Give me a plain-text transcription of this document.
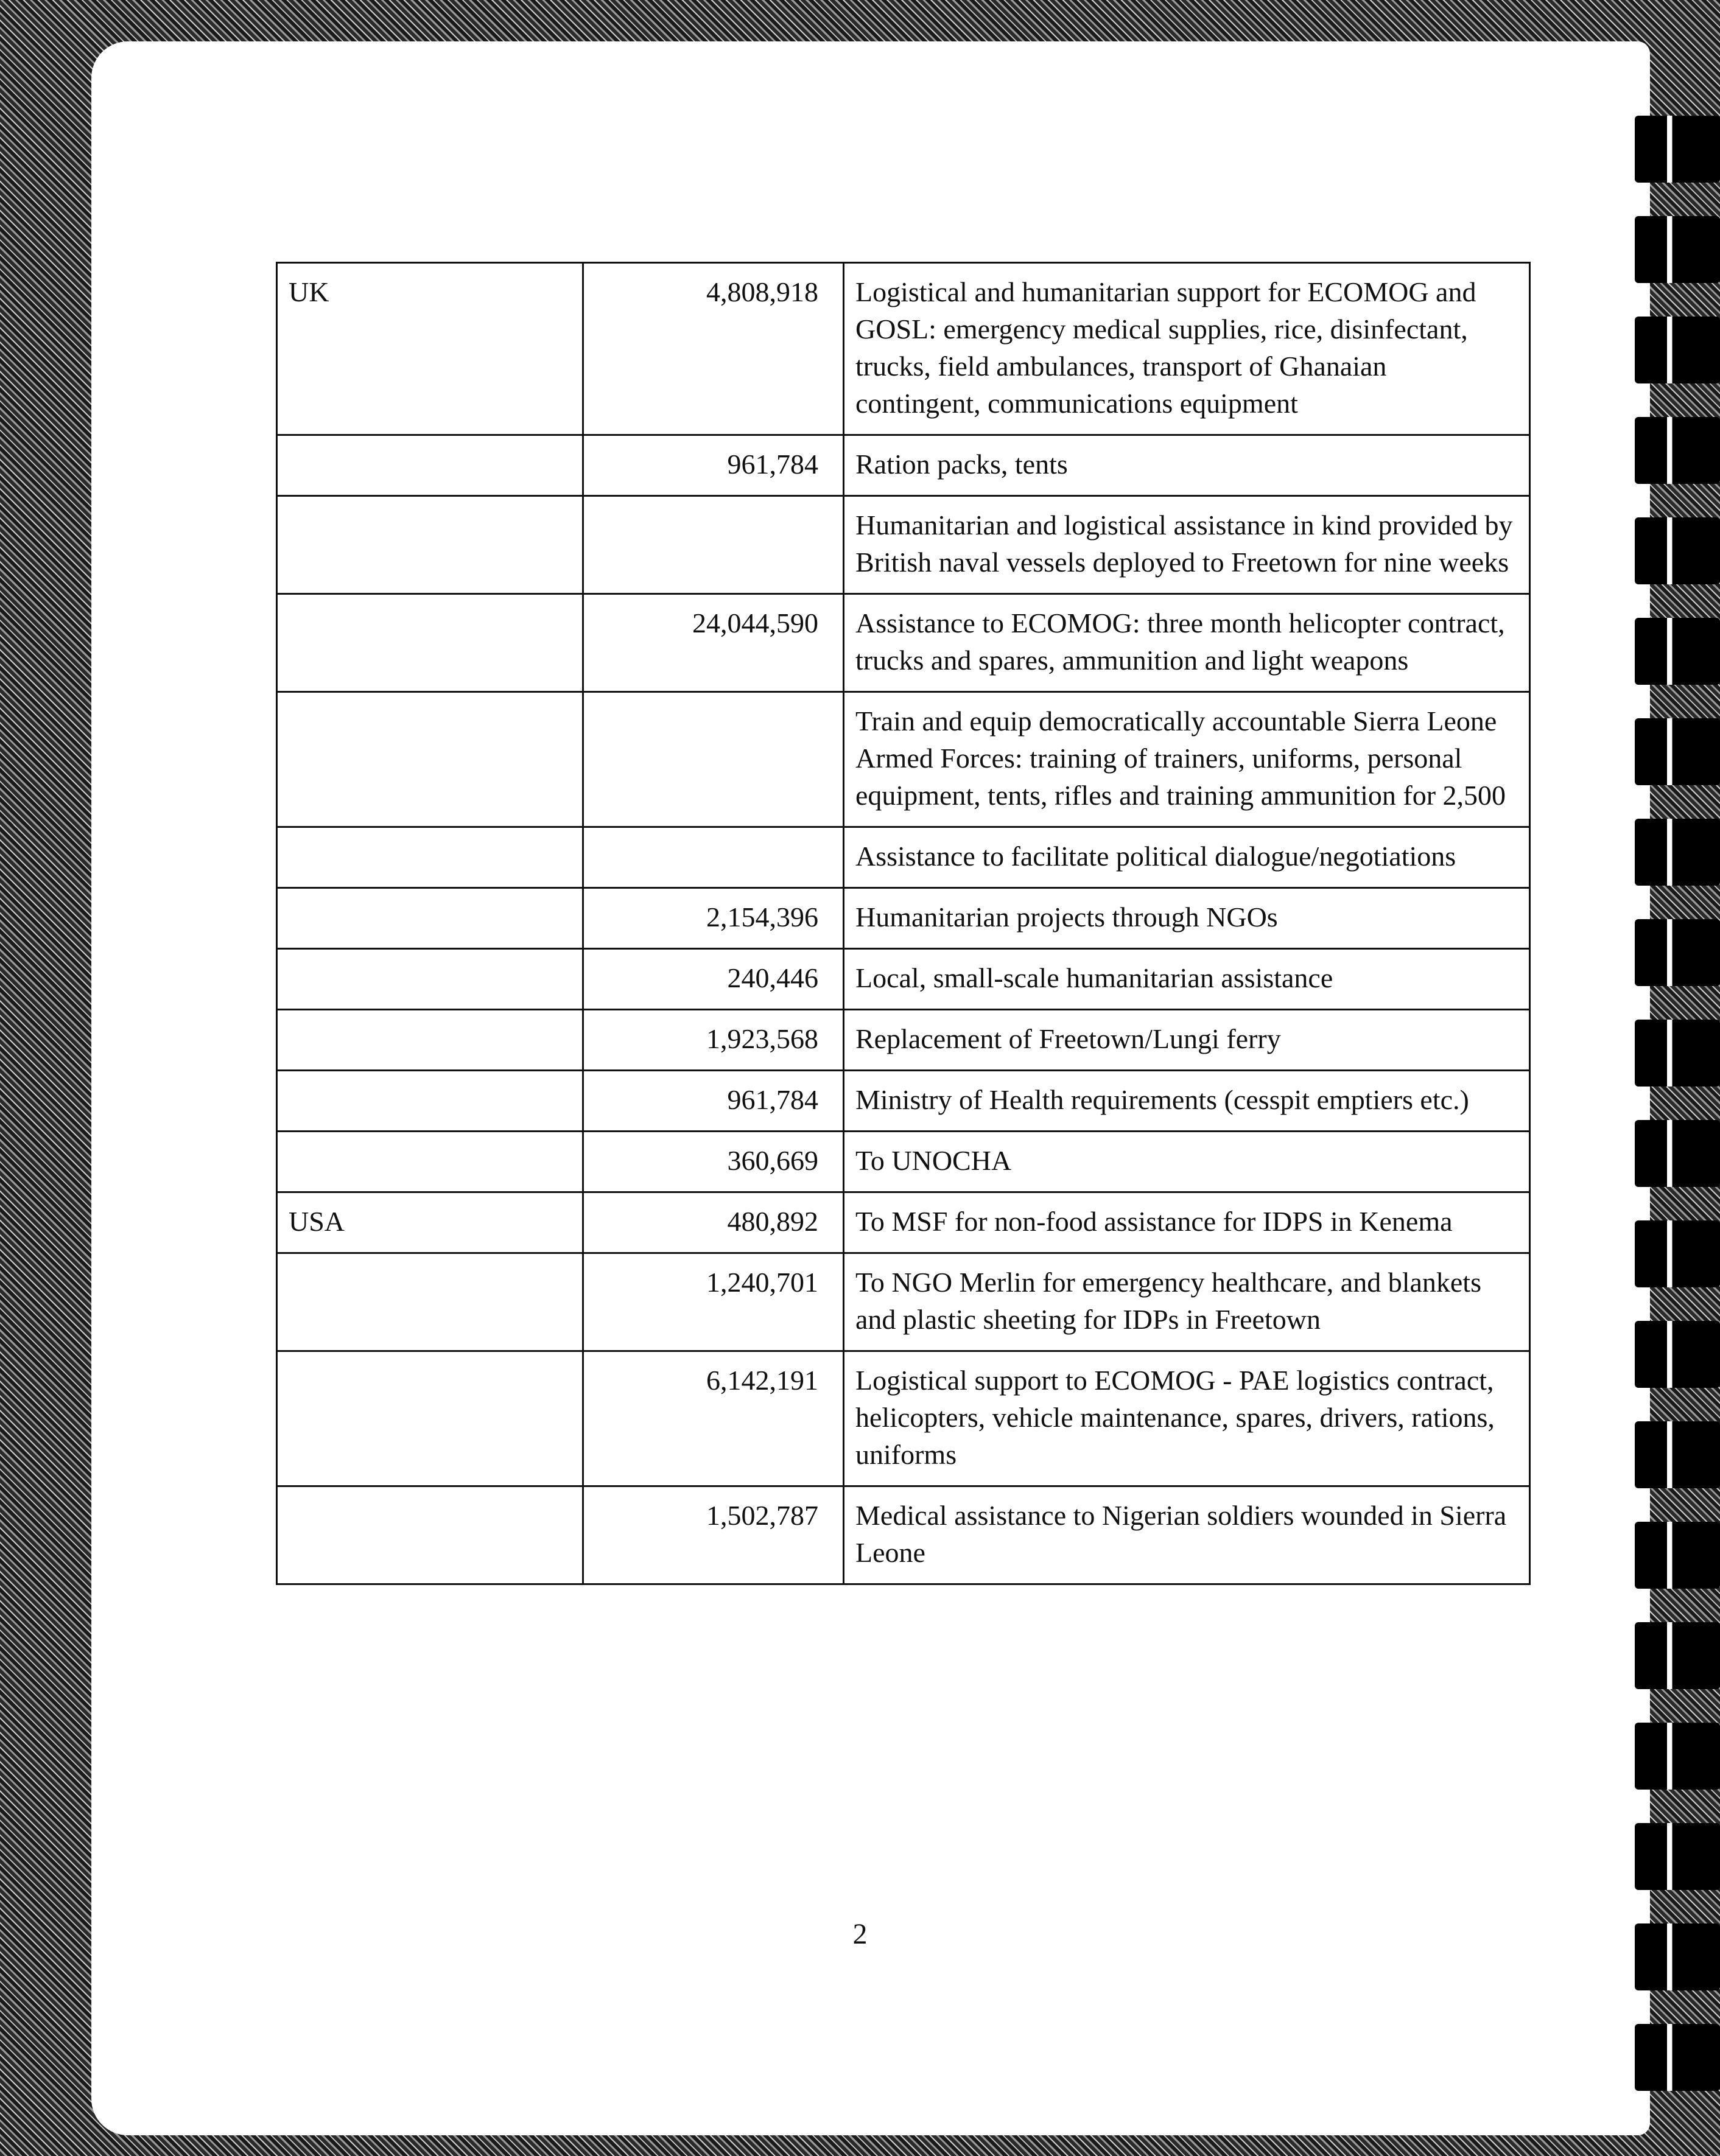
UK	4,808,918	Logistical and humanitarian support for ECOMOG and GOSL: emergency medical supplies, rice, disinfectant, trucks, field ambulances, transport of Ghanaian contingent, communications equipment
	961,784	Ration packs, tents
		Humanitarian and logistical assistance in kind provided by British naval vessels deployed to Freetown for nine weeks
	24,044,590	Assistance to ECOMOG: three month helicopter contract, trucks and spares, ammunition and light weapons
		Train and equip democratically accountable Sierra Leone Armed Forces: training of trainers, uniforms, personal equipment, tents, rifles and training ammunition for 2,500
		Assistance to facilitate political dialogue/negotiations
	2,154,396	Humanitarian projects through NGOs
	240,446	Local, small-scale humanitarian assistance
	1,923,568	Replacement of Freetown/Lungi ferry
	961,784	Ministry of Health requirements (cesspit emptiers etc.)
	360,669	To UNOCHA
USA	480,892	To MSF for non-food assistance for IDPS in Kenema
	1,240,701	To NGO Merlin for emergency healthcare, and blankets and plastic sheeting for IDPs in Freetown
	6,142,191	Logistical support to ECOMOG - PAE logistics contract, helicopters, vehicle maintenance, spares, drivers, rations, uniforms
	1,502,787	Medical assistance to Nigerian soldiers wounded in Sierra Leone
2
